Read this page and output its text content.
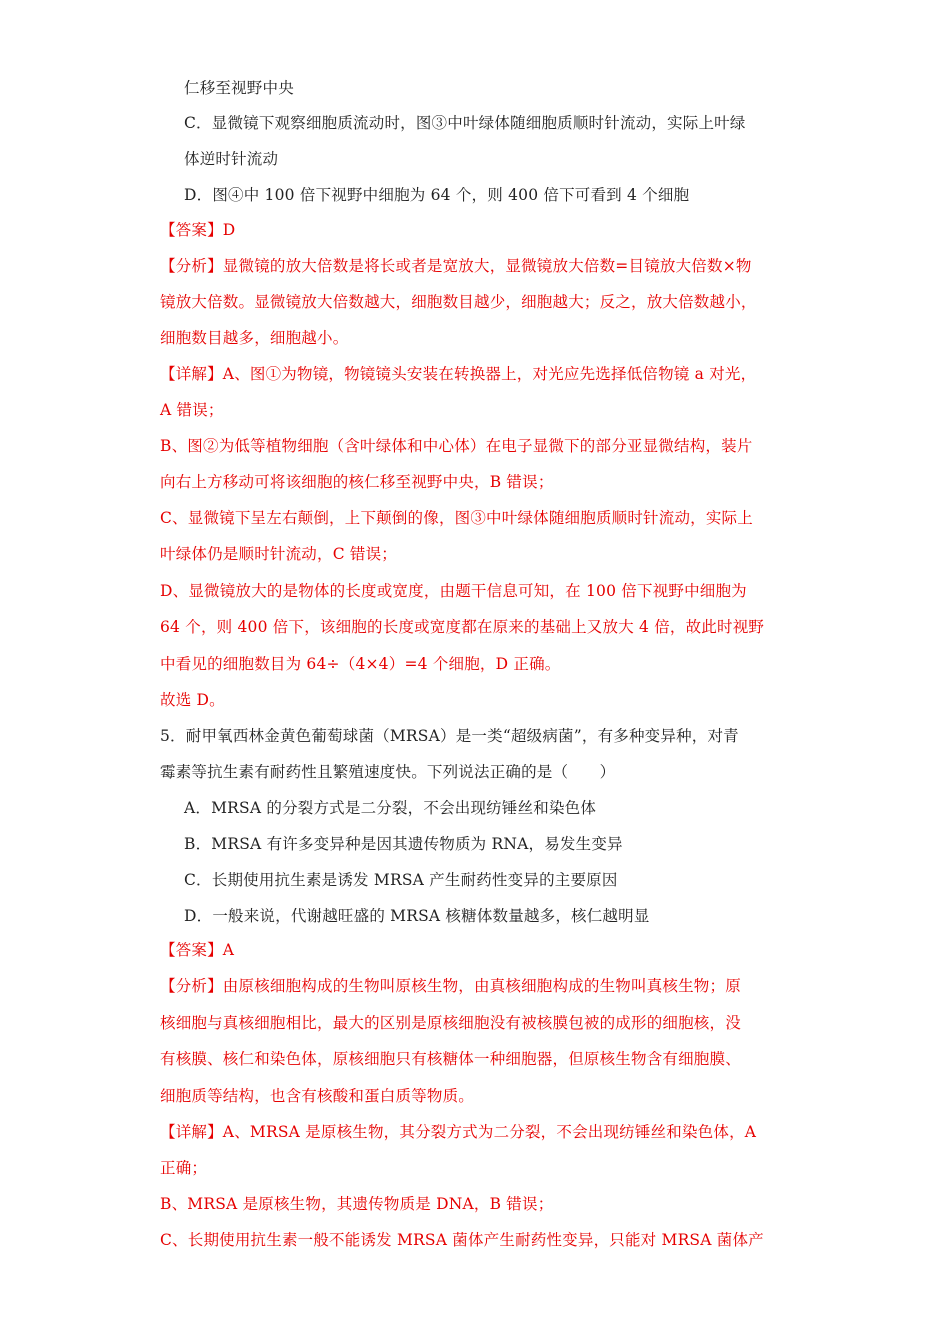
仁移至视野中央
C．显微镜下观察细胞质流动时，图③中叶绿体随细胞质顺时针流动，实际上叶绿
体逆时针流动
D．图④中 100 倍下视野中细胞为 64 个，则 400 倍下可看到 4 个细胞
【答案】D
【分析】显微镜的放大倍数是将长或者是宽放大，显微镜放大倍数=目镜放大倍数×物
镜放大倍数。显微镜放大倍数越大，细胞数目越少，细胞越大；反之，放大倍数越小，
细胞数目越多，细胞越小。
【详解】A、图①为物镜，物镜镜头安装在转换器上，对光应先选择低倍物镜 a 对光，
A 错误；
B、图②为低等植物细胞（含叶绿体和中心体）在电子显微下的部分亚显微结构，装片
向右上方移动可将该细胞的核仁移至视野中央，B 错误；
C、显微镜下呈左右颠倒，上下颠倒的像，图③中叶绿体随细胞质顺时针流动，实际上
叶绿体仍是顺时针流动，C 错误；
D、显微镜放大的是物体的长度或宽度，由题干信息可知，在 100 倍下视野中细胞为
64 个，则 400 倍下，该细胞的长度或宽度都在原来的基础上又放大 4 倍，故此时视野
中看见的细胞数目为 64÷（4×4）=4 个细胞，D 正确。
故选 D。
5．耐甲氧西林金黄色葡萄球菌（MRSA）是一类“超级病菌”，有多种变异种，对青
霉素等抗生素有耐药性且繁殖速度快。下列说法正确的是（　　）
A．MRSA 的分裂方式是二分裂，不会出现纺锤丝和染色体
B．MRSA 有许多变异种是因其遗传物质为 RNA，易发生变异
C．长期使用抗生素是诱发 MRSA 产生耐药性变异的主要原因
D．一般来说，代谢越旺盛的 MRSA 核糖体数量越多，核仁越明显
【答案】A
【分析】由原核细胞构成的生物叫原核生物，由真核细胞构成的生物叫真核生物；原
核细胞与真核细胞相比，最大的区别是原核细胞没有被核膜包被的成形的细胞核，没
有核膜、核仁和染色体，原核细胞只有核糖体一种细胞器，但原核生物含有细胞膜、
细胞质等结构，也含有核酸和蛋白质等物质。
【详解】A、MRSA 是原核生物，其分裂方式为二分裂，不会出现纺锤丝和染色体，A
正确；
B、MRSA 是原核生物，其遗传物质是 DNA，B 错误；
C、长期使用抗生素一般不能诱发 MRSA 菌体产生耐药性变异，只能对 MRSA 菌体产
